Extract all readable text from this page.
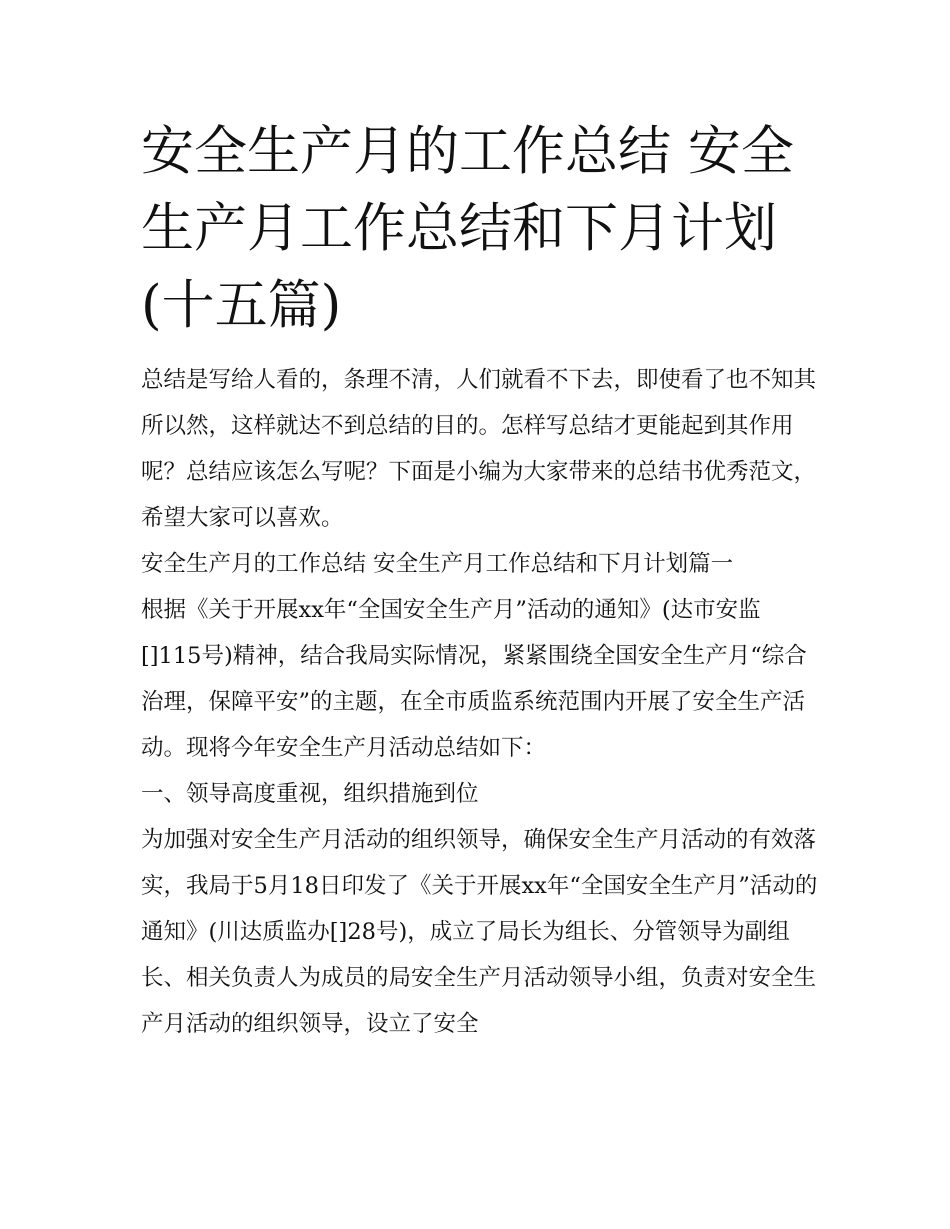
安全生产月的工作总结 安全生产月工作总结和下月计划(十五篇)

总结是写给人看的，条理不清，人们就看不下去，即使看了也不知其所以然，这样就达不到总结的目的。怎样写总结才更能起到其作用呢？总结应该怎么写呢？下面是小编为大家带来的总结书优秀范文，希望大家可以喜欢。

安全生产月的工作总结 安全生产月工作总结和下月计划篇一

根据《关于开展xx年“全国安全生产月”活动的通知》(达市安监[]115号)精神，结合我局实际情况，紧紧围绕全国安全生产月“综合治理，保障平安”的主题，在全市质监系统范围内开展了安全生产活动。现将今年安全生产月活动总结如下：

一、领导高度重视，组织措施到位

为加强对安全生产月活动的组织领导，确保安全生产月活动的有效落实，我局于5月18日印发了《关于开展xx年“全国安全生产月”活动的通知》(川达质监办[]28号)，成立了局长为组长、分管领导为副组长、相关负责人为成员的局安全生产月活动领导小组，负责对安全生产月活动的组织领导，设立了安全
